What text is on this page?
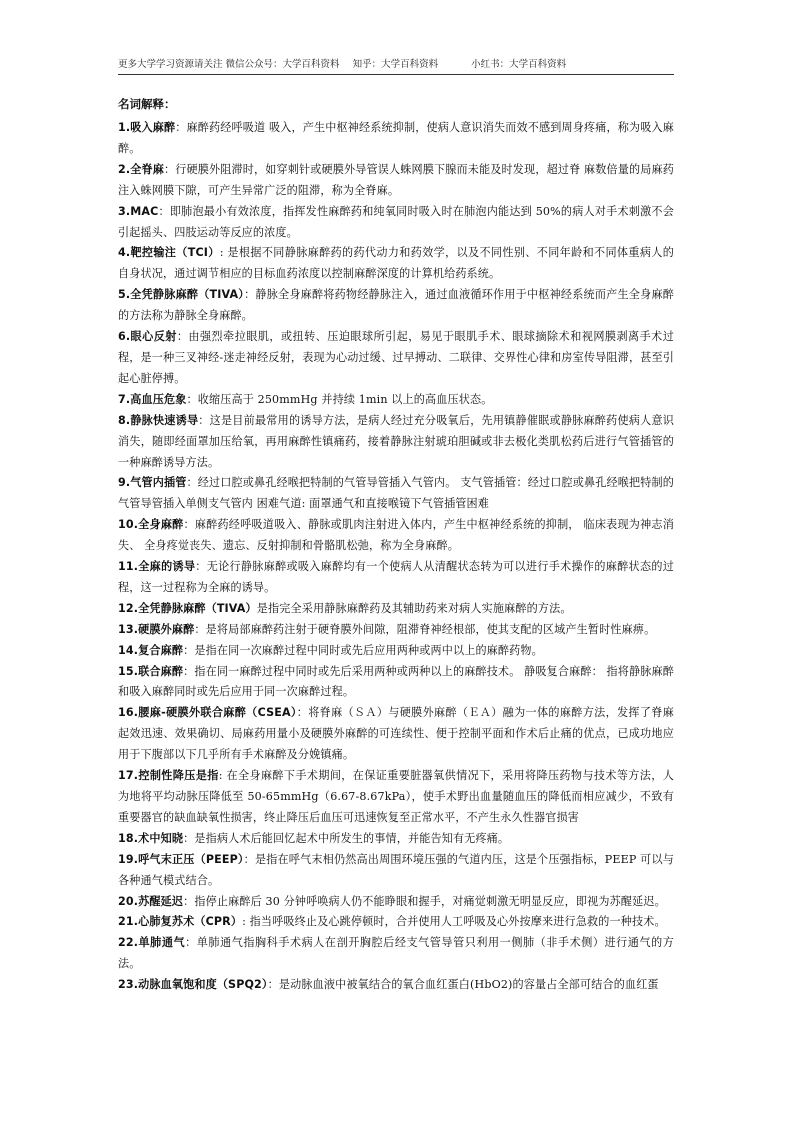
更多大学学习资源请关注 微信公众号：大学百科资料 知乎：大学百科资料	小红书：大学百科资料

名词解释：

1.吸入麻醉：麻醉药经呼吸道 吸入，产生中枢神经系统抑制，使病人意识消失而效不感到周身疼痛，称为吸入麻醉。

2.全脊麻：行硬膜外阻滞时，如穿刺针或硬膜外导管误人蛛网膜下腺而未能及时发现，超过脊 麻数倍量的局麻药注入蛛网膜下隙，可产生异常广泛的阻滞，称为全脊麻。

3.MAC：即肺泡最小有效浓度，指挥发性麻醉药和纯氧同时吸入时在肺泡内能达到 50%的病人对手术刺激不会引起摇头、四肢运动等反应的浓度。

4.靶控输注（TCI）: 是根据不同静脉麻醉药的药代动力和药效学，以及不同性别、不同年龄和不同体重病人的自身状况，通过调节相应的目标血药浓度以控制麻醉深度的计算机给药系统。

5.全凭静脉麻醉（TIVA）：静脉全身麻醉将药物经静脉注入，通过血液循环作用于中枢神经系统而产生全身麻醉的方法称为静脉全身麻醉。

6.眼心反射：由强烈牵拉眼肌，或扭转、压迫眼球所引起，易见于眼肌手术、眼球摘除术和视网膜剥离手术过程，是一种三叉神经-迷走神经反射，表现为心动过缓、过早搏动、二联律、交界性心律和房室传导阻滞，甚至引起心脏停搏。

7.高血压危象：收缩压高于 250mmHg 并持续 1min 以上的高血压状态。

8.静脉快速诱导：这是目前最常用的诱导方法，是病人经过充分吸氧后，先用镇静催眠或静脉麻醉药使病人意识消失，随即经面罩加压给氧，再用麻醉性镇痛药，接着静脉注射琥珀胆碱或非去极化类肌松药后进行气管插管的一种麻醉诱导方法。

9.气管内插管：经过口腔或鼻孔经喉把特制的气管导管插入气管内。 支气管插管：经过口腔或鼻孔经喉把特制的气管导管插入单侧支气管内 困难气道: 面罩通气和直接喉镜下气管插管困难

10.全身麻醉：麻醉药经呼吸道吸入、静脉或肌肉注射进入体内，产生中枢神经系统的抑制， 临床表现为神志消失、 全身疼觉丧失、遗忘、反射抑制和骨骼肌松弛，称为全身麻醉。

11.全麻的诱导：无论行静脉麻醉或吸入麻醉均有一个使病人从清醒状态转为可以进行手术操作的麻醉状态的过程，这一过程称为全麻的诱导。

12.全凭静脉麻醉（TIVA）是指完全采用静脉麻醉药及其辅助药来对病人实施麻醉的方法。

13.硬膜外麻醉：是将局部麻醉药注射于硬脊膜外间隙，阻滞脊神经根部，使其支配的区域产生暂时性麻痹。

14.复合麻醉：是指在同一次麻醉过程中同时或先后应用两种或两中以上的麻醉药物。

15.联合麻醉：指在同一麻醉过程中同时或先后采用两种或两种以上的麻醉技术。 静吸复合麻醉： 指将静脉麻醉和吸入麻醉同时或先后应用于同一次麻醉过程。

16.腰麻-硬膜外联合麻醉（CSEA）：将脊麻（ＳＡ）与硬膜外麻醉（ＥＡ）融为一体的麻醉方法，发挥了脊麻起效迅速、效果确切、局麻药用量小及硬膜外麻醉的可连续性、便于控制平面和作术后止痛的优点，已成功地应用于下腹部以下几乎所有手术麻醉及分娩镇痛。

17.控制性降压是指: 在全身麻醉下手术期间，在保证重要脏器氧供情况下，采用将降压药物与技术等方法，人为地将平均动脉压降低至 50-65mmHg（6.67-8.67kPa），使手术野出血量随血压的降低而相应减少，不致有重要器官的缺血缺氧性损害，终止降压后血压可迅速恢复至正常水平，不产生永久性器官损害

18.术中知晓：是指病人术后能回忆起术中所发生的事情，并能告知有无疼痛。

19.呼气末正压（PEEP）：是指在呼气末相仍然高出周围环境压强的气道内压，这是个压强指标，PEEP 可以与各种通气模式结合。

20.苏醒延迟：指停止麻醉后 30 分钟呼唤病人仍不能睁眼和握手，对痛觉刺激无明显反应，即视为苏醒延迟。

21.心肺复苏术（CPR）: 指当呼吸终止及心跳停顿时，合并使用人工呼吸及心外按摩来进行急救的一种技术。

22.单肺通气：单肺通气指胸科手术病人在剖开胸腔后经支气管导管只利用一侧肺（非手术侧）进行通气的方法。

23.动脉血氧饱和度（SPQ2）：是动脉血液中被氧结合的氧合血红蛋白(HbO2)的容量占全部可结合的血红蛋
